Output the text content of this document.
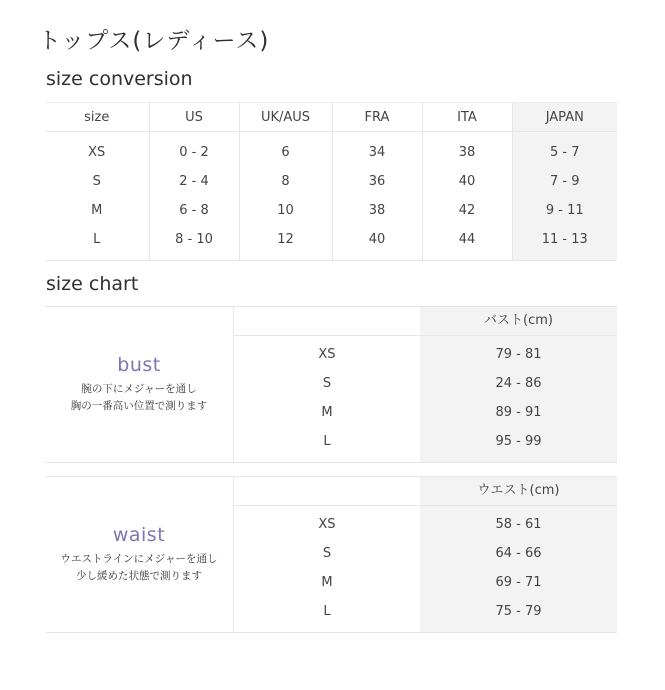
トップス(レディース)
size conversion
size	US	UK/AUS	FRA	ITA	JAPAN
XS	0 - 2	6	34	38	5 - 7
S	2 - 4	8	36	40	7 - 9
M	6 - 8	10	38	42	9 - 11
L	8 - 10	12	40	44	11 - 13
size chart
bust
腕の下にメジャーを通し
胸の一番高い位置で測ります
バスト(cm)
XS	79 - 81
S	24 - 86
M	89 - 91
L	95 - 99
waist
ウエストラインにメジャーを通し
少し緩めた状態で測ります
ウエスト(cm)
XS	58 - 61
S	64 - 66
M	69 - 71
L	75 - 79
